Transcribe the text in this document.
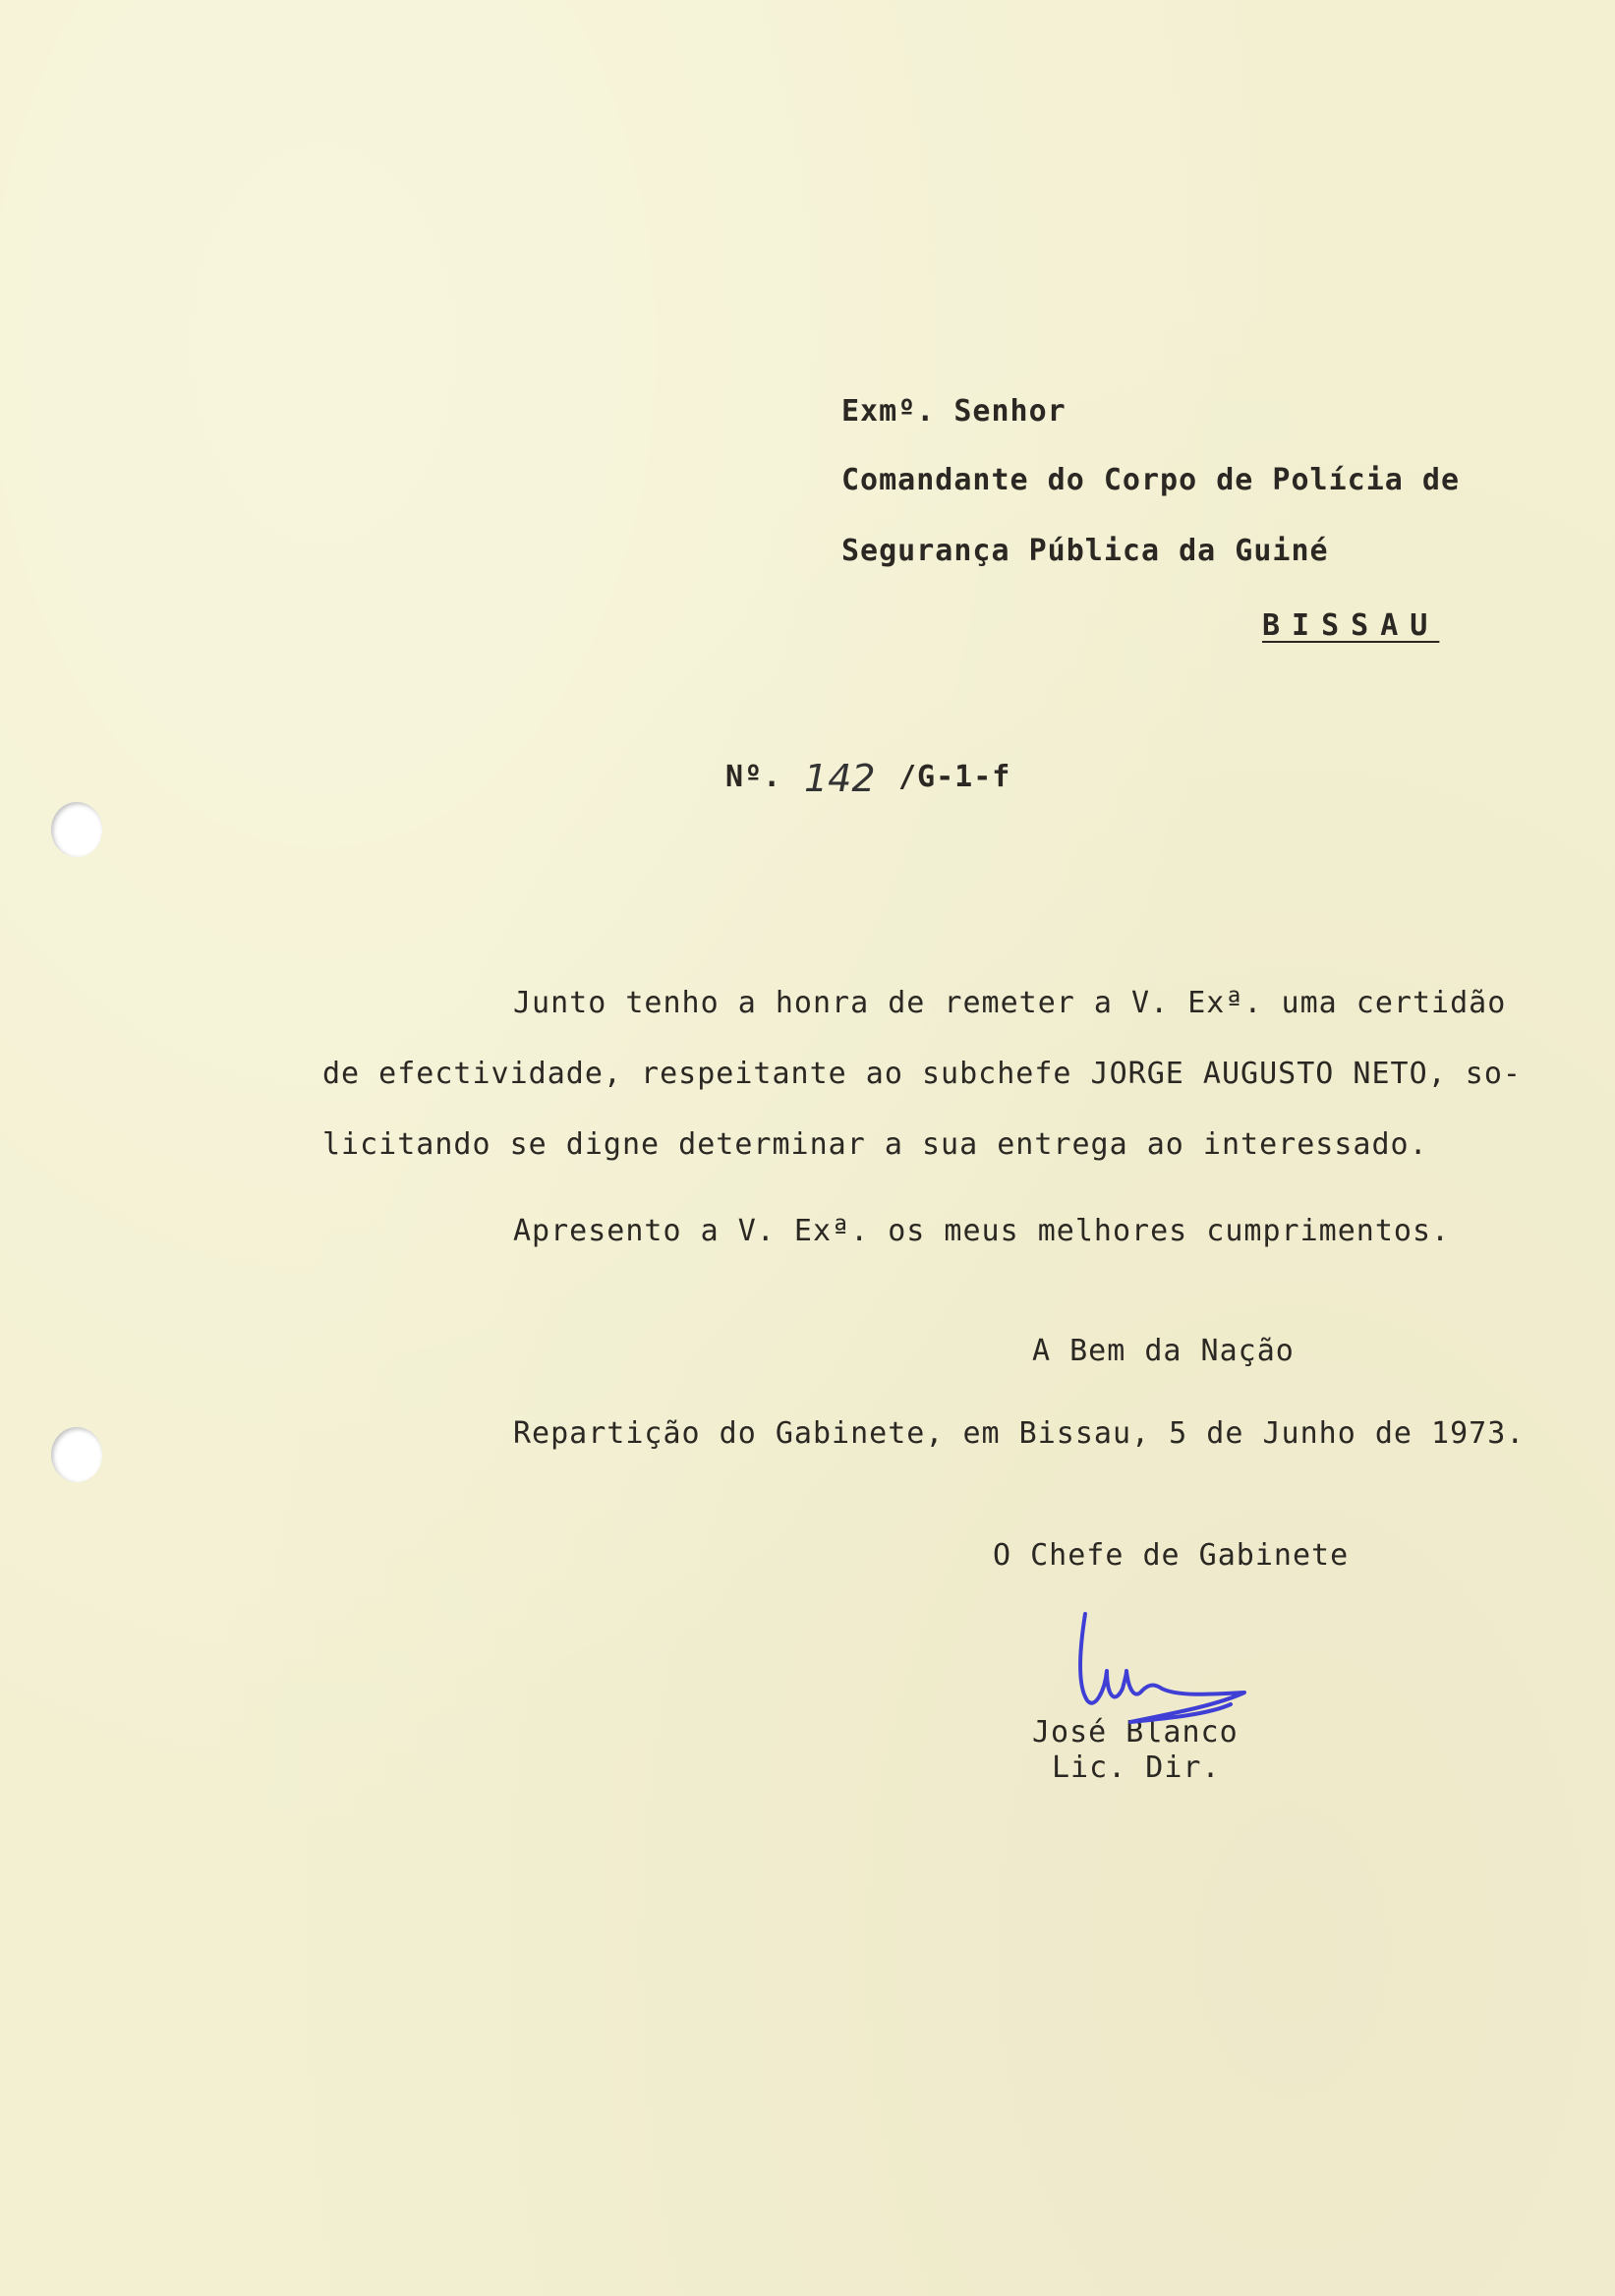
Exmº. Senhor
Comandante do Corpo de Polícia de
Segurança Pública da Guiné
BISSAU
Nº. 142 /G-1-f
Junto tenho a honra de remeter a V. Exª. uma certidão
de efectividade, respeitante ao subchefe JORGE AUGUSTO NETO, so-
licitando se digne determinar a sua entrega ao interessado.
Apresento a V. Exª. os meus melhores cumprimentos.
A Bem da Nação
Repartição do Gabinete, em Bissau, 5 de Junho de 1973.
O Chefe de Gabinete
José Blanco
Lic. Dir.
